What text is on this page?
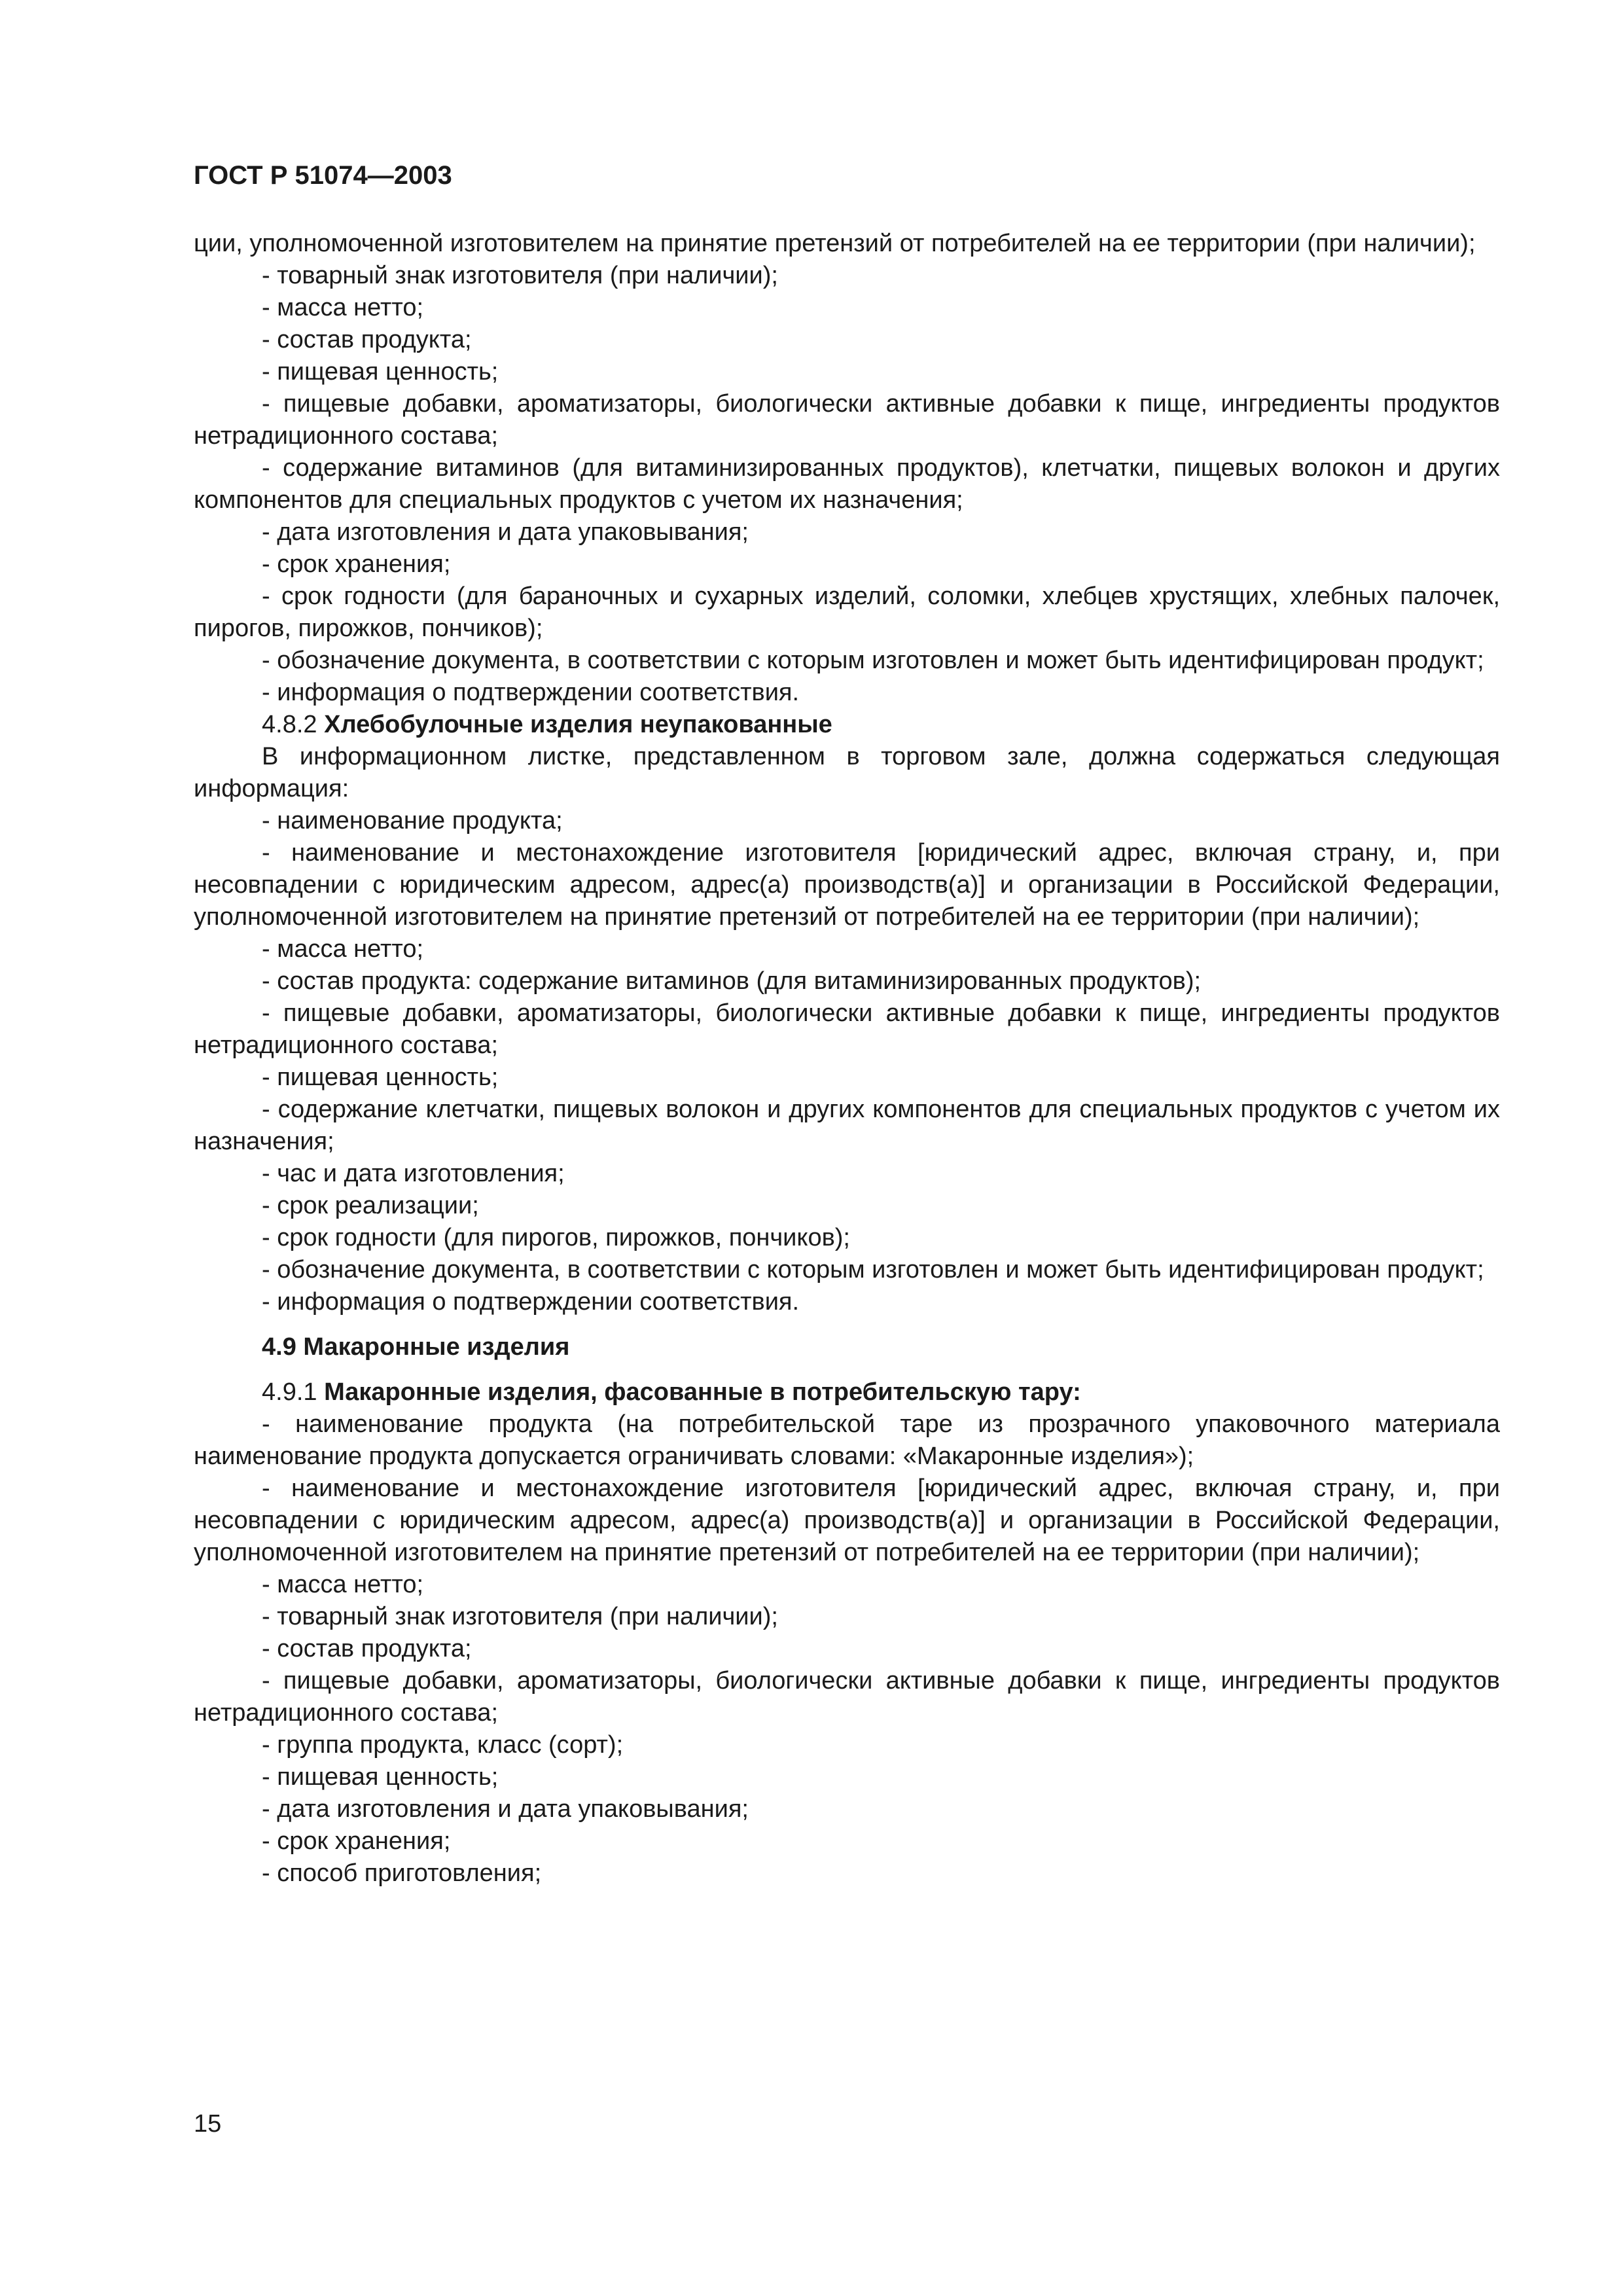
ГОСТ Р 51074—2003

ции, уполномоченной изготовителем на принятие претензий от потребителей на ее территории (при наличии);

- товарный знак изготовителя (при наличии);

- масса нетто;

- состав продукта;

- пищевая ценность;

- пищевые добавки, ароматизаторы, биологически активные добавки к пище, ингредиенты продуктов нетрадиционного состава;

- содержание витаминов (для витаминизированных продуктов), клетчатки, пищевых волокон и других компонентов для специальных продуктов с учетом их назначения;

- дата изготовления и дата упаковывания;

- срок хранения;

- срок годности (для бараночных и сухарных изделий, соломки, хлебцев хрустящих, хлебных палочек, пирогов, пирожков, пончиков);

- обозначение документа, в соответствии с которым изготовлен и может быть идентифицирован продукт;

- информация о подтверждении соответствия.

4.8.2 Хлебобулочные изделия неупакованные

В информационном листке, представленном в торговом зале, должна содержаться следующая информация:

- наименование продукта;

- наименование и местонахождение изготовителя [юридический адрес, включая страну, и, при несовпадении с юридическим адресом, адрес(а) производств(а)] и организации в Российской Федерации, уполномоченной изготовителем на принятие претензий от потребителей на ее территории (при наличии);

- масса нетто;

- состав продукта: содержание витаминов (для витаминизированных продуктов);

- пищевые добавки, ароматизаторы, биологически активные добавки к пище, ингредиенты продуктов нетрадиционного состава;

- пищевая ценность;

- содержание клетчатки, пищевых волокон и других компонентов для специальных продуктов с учетом их назначения;

- час и дата изготовления;

- срок реализации;

- срок годности (для пирогов, пирожков, пончиков);

- обозначение документа, в соответствии с которым изготовлен и может быть идентифицирован продукт;

- информация о подтверждении соответствия.

4.9 Макаронные изделия

4.9.1 Макаронные изделия, фасованные в потребительскую тару:

- наименование продукта (на потребительской таре из прозрачного упаковочного материала наименование продукта допускается ограничивать словами: «Макаронные изделия»);

- наименование и местонахождение изготовителя [юридический адрес, включая страну, и, при несовпадении с юридическим адресом, адрес(а) производств(а)] и организации в Российской Федерации, уполномоченной изготовителем на принятие претензий от потребителей на ее территории (при наличии);

- масса нетто;

- товарный знак изготовителя (при наличии);

- состав продукта;

- пищевые добавки, ароматизаторы, биологически активные добавки к пище, ингредиенты продуктов нетрадиционного состава;

- группа продукта, класс (сорт);

- пищевая ценность;

- дата изготовления и дата упаковывания;

- срок хранения;

- способ приготовления;

15
